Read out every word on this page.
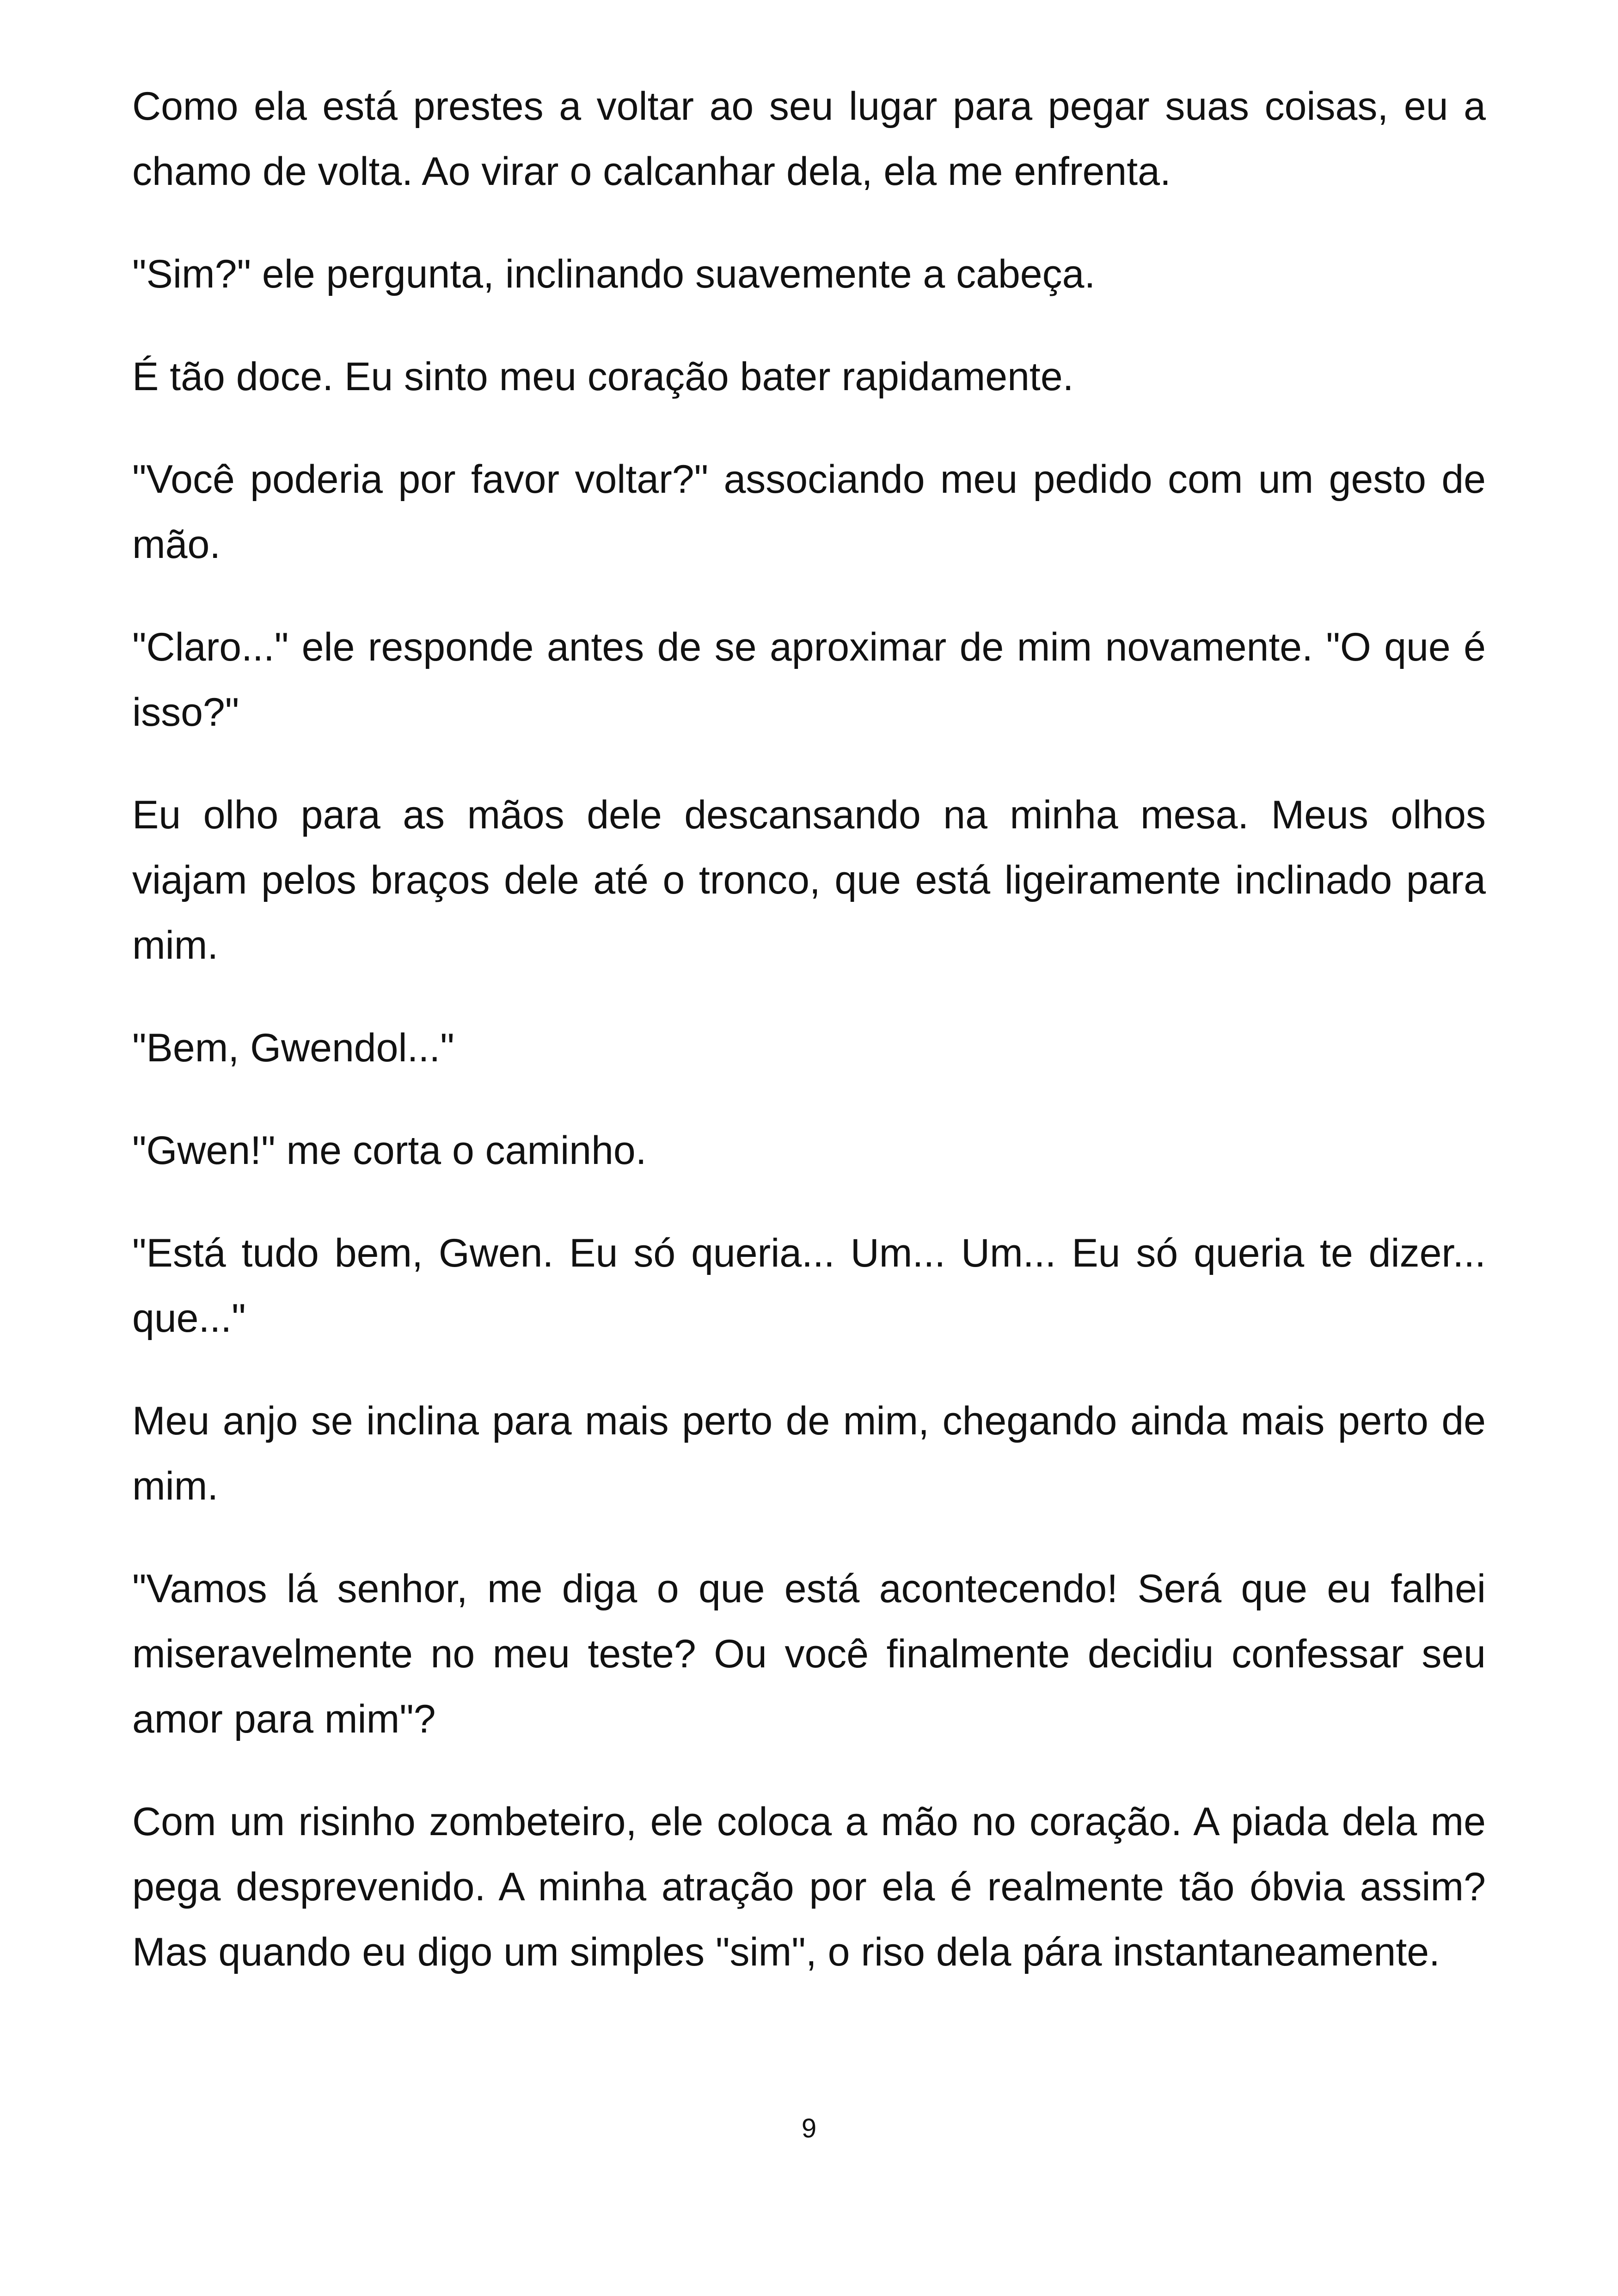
Como ela está prestes a voltar ao seu lugar para pegar suas coisas, eu a chamo de volta. Ao virar o calcanhar dela, ela me enfrenta.

"Sim?" ele pergunta, inclinando suavemente a cabeça.

É tão doce. Eu sinto meu coração bater rapidamente.

"Você poderia por favor voltar?" associando meu pedido com um gesto de mão.

"Claro..." ele responde antes de se aproximar de mim novamente. "O que é isso?"

Eu olho para as mãos dele descansando na minha mesa. Meus olhos viajam pelos braços dele até o tronco, que está ligeiramente inclinado para mim.

"Bem, Gwendol..."

"Gwen!" me corta o caminho.

"Está tudo bem, Gwen. Eu só queria... Um... Um... Eu só queria te dizer... que..."

Meu anjo se inclina para mais perto de mim, chegando ainda mais perto de mim.

"Vamos lá senhor, me diga o que está acontecendo! Será que eu falhei miseravelmente no meu teste? Ou você finalmente decidiu confessar seu amor para mim"?

Com um risinho zombeteiro, ele coloca a mão no coração. A piada dela me pega desprevenido. A minha atração por ela é realmente tão óbvia assim? Mas quando eu digo um simples "sim", o riso dela pára instantaneamente.

9
